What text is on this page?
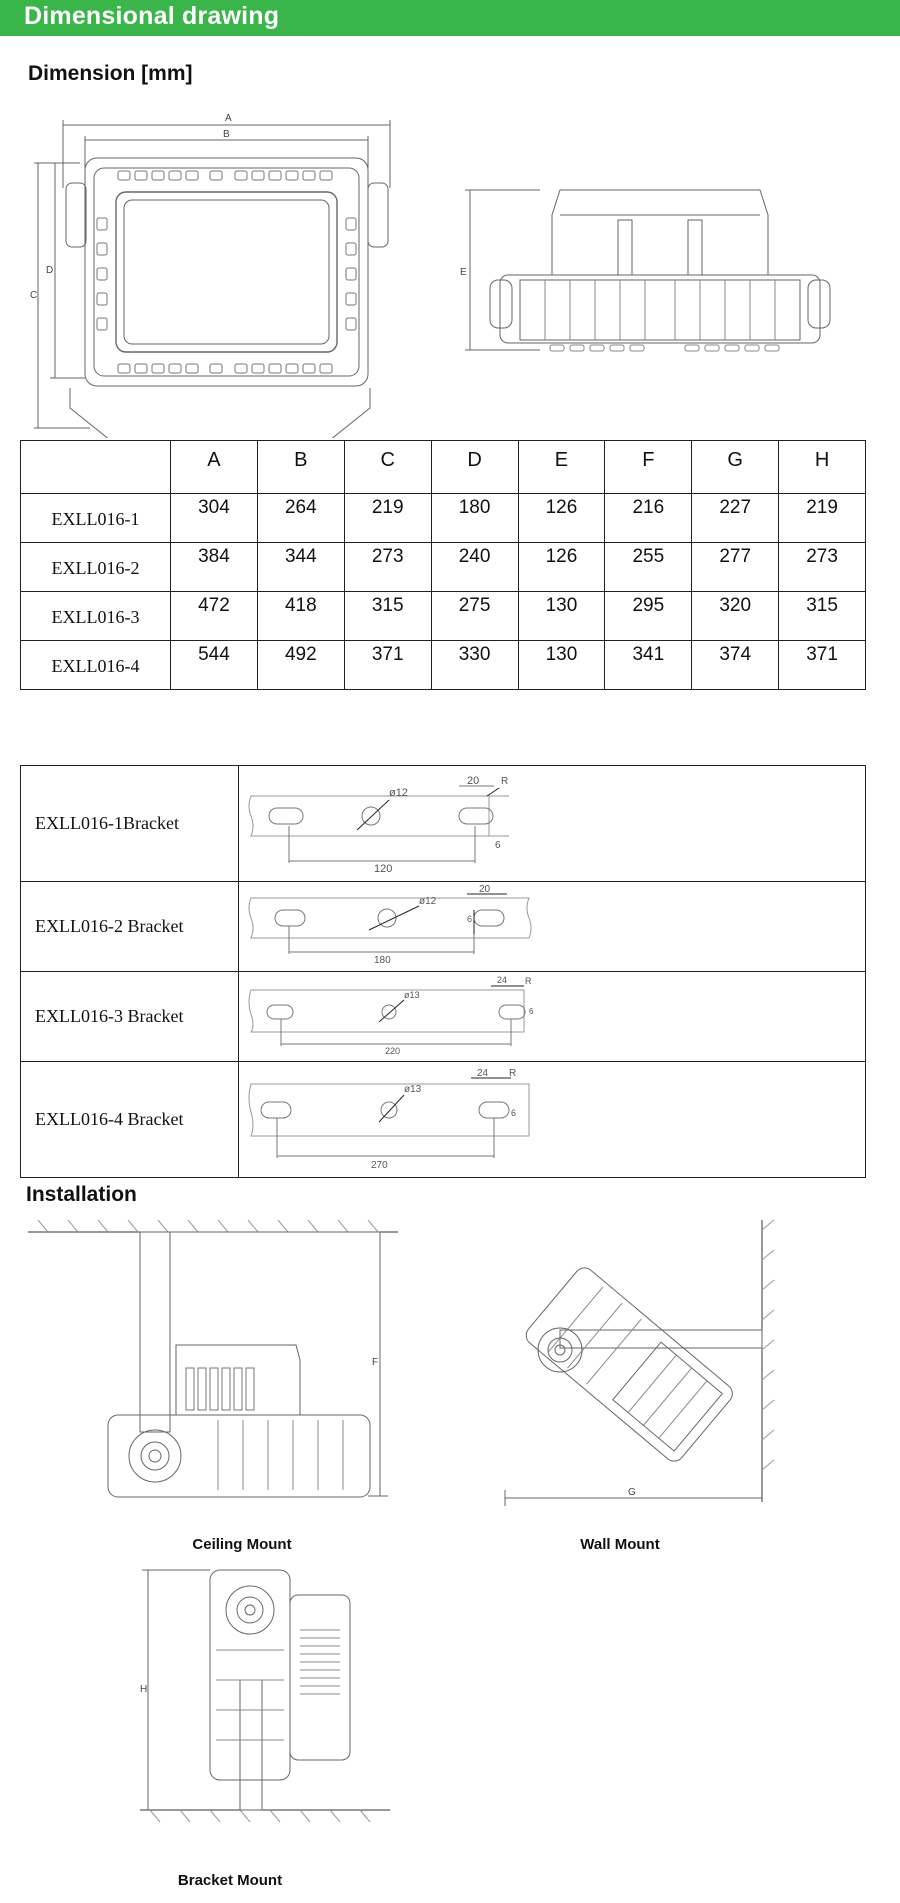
Dimensional drawing
Dimension [mm]
A
B
C
D	E
	A	B	C	D	E	F	G	H
EXLL016-1	304	264	219	180	126	216	227	219
EXLL016-2	384	344	273	240	126	255	277	273
EXLL016-3	472	418	315	275	130	295	320	315
EXLL016-4	544	492	371	330	130	341	374	371
EXLL016-1Bracket	120
ø12
20 R
6

EXLL016-2 Bracket	180
ø12
20
6

EXLL016-3 Bracket	220
ø13
24 R
6

EXLL016-4 Bracket	270
ø13
24 R
6
Installation
F
Ceiling Mount
G
Wall Mount
H
Bracket Mount
